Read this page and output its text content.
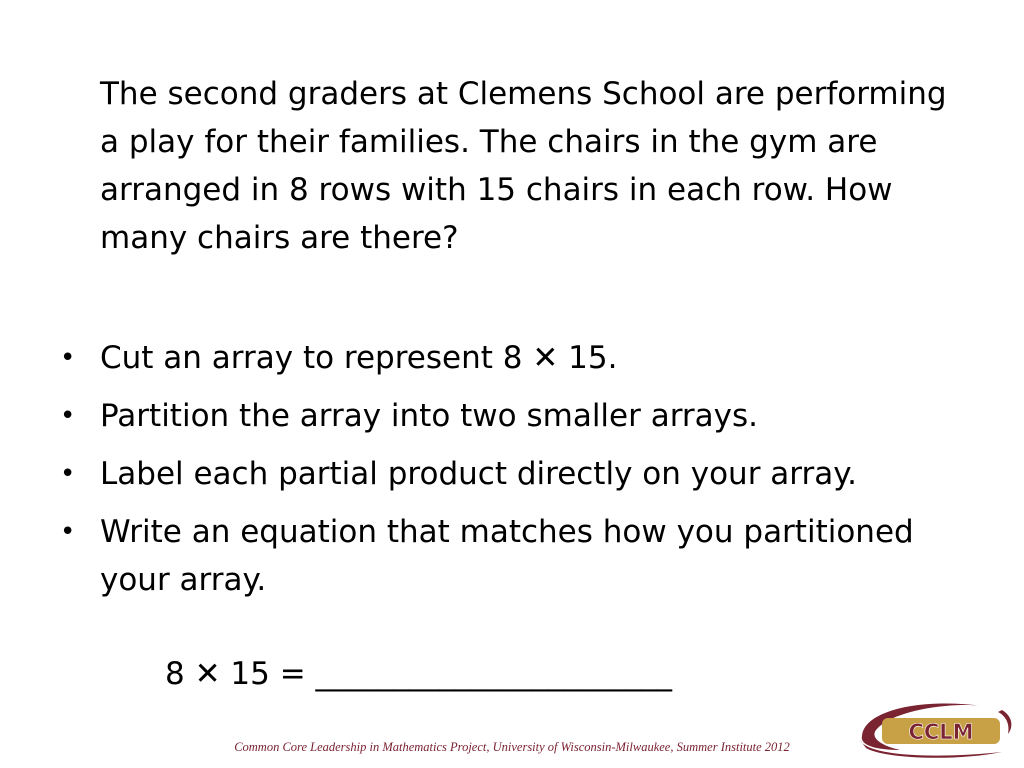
The second graders at Clemens School are performing a play for their families. The chairs in the gym are arranged in 8 rows with 15 chairs in each row. How many chairs are there?
• Cut an array to represent 8 ✕ 15.
• Partition the array into two smaller arrays.
• Label each partial product directly on your array.
• Write an equation that matches how you partitioned your array.
8 ✕ 15 = _______________________
CCLM
Common Core Leadership in Mathematics Project, University of Wisconsin-Milwaukee, Summer Institute 2012
